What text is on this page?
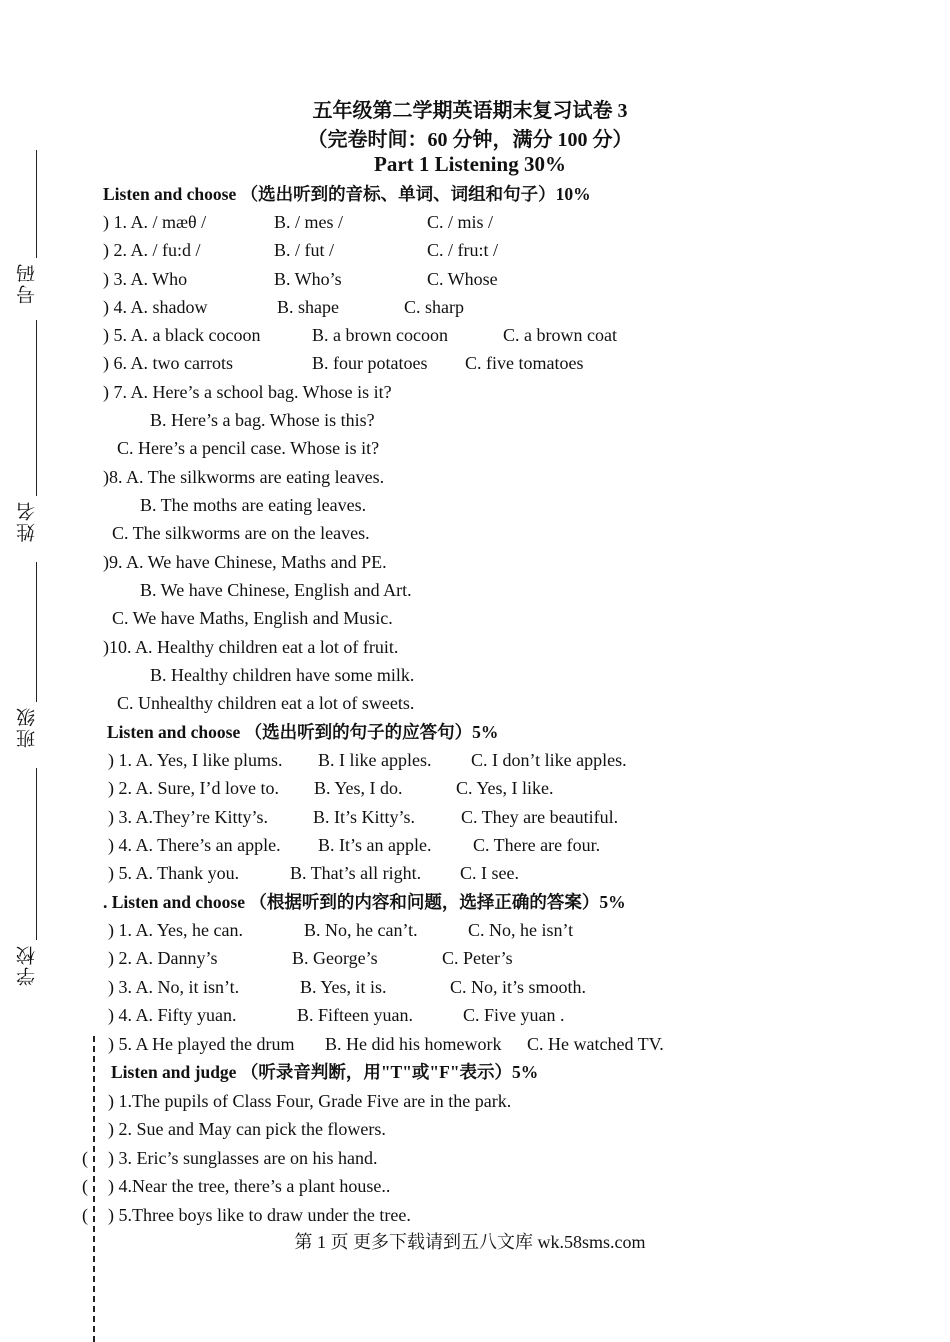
五年级第二学期英语期末复习试卷 3
（完卷时间：60 分钟，满分 100 分）
Part 1 Listening 30%
号码
姓名
班级
学校
Listen and choose （选出听到的音标、单词、词组和句子）10%
) 1. A. / mæθ /	B. / mes /	C. / mis /
) 2. A. / fu:d /	B. / fut /	C. / fru:t /
) 3. A. Who	B. Who’s	C. Whose
) 4. A. shadow	B. shape	C. sharp
) 5. A. a black cocoon	B. a brown cocoon	C. a brown coat
) 6. A. two carrots	B. four potatoes C. five tomatoes
) 7. A. Here’s a school bag. Whose is it?
B. Here’s a bag. Whose is this?
C. Here’s a pencil case. Whose is it?
)8. A. The silkworms are eating leaves.
B. The moths are eating leaves.
C. The silkworms are on the leaves.
)9. A. We have Chinese, Maths and PE.
B. We have Chinese, English and Art.
C. We have Maths, English and Music.
)10. A. Healthy children eat a lot of fruit.
B. Healthy children have some milk.
C. Unhealthy children eat a lot of sweets.
Listen and choose （选出听到的句子的应答句）5%
) 1. A. Yes, I like plums. B. I like apples. C. I don’t like apples.
) 2. A. Sure, I’d love to. B. Yes, I do.	C. Yes, I like.
) 3. A.They’re Kitty’s.	B. It’s Kitty’s.	C. They are beautiful.
) 4. A. There’s an apple. B. It’s an apple. C. There are four.
) 5. A. Thank you.	B. That’s all right. C. I see.
. Listen and choose （根据听到的内容和问题，选择正确的答案）5%
) 1. A. Yes, he can.	B. No, he can’t.	C. No, he isn’t
) 2. A. Danny’s	B. George’s	C. Peter’s
) 3. A. No, it isn’t.	B. Yes, it is.	C. No, it’s smooth.
) 4. A. Fifty yuan.	B. Fifteen yuan.	C. Five yuan .
) 5. A He played the drum B. He did his homework C. He watched TV.
Listen and judge （听录音判断，用"T"或"F"表示）5%
) 1.The pupils of Class Four, Grade Five are in the park.
) 2. Sue and May can pick the flowers.
( ) 3. Eric’s sunglasses are on his hand.
( ) 4.Near the tree, there’s a plant house..
( ) 5.Three boys like to draw under the tree.
第 1 页 更多下载请到五八文库 wk.58sms.com
